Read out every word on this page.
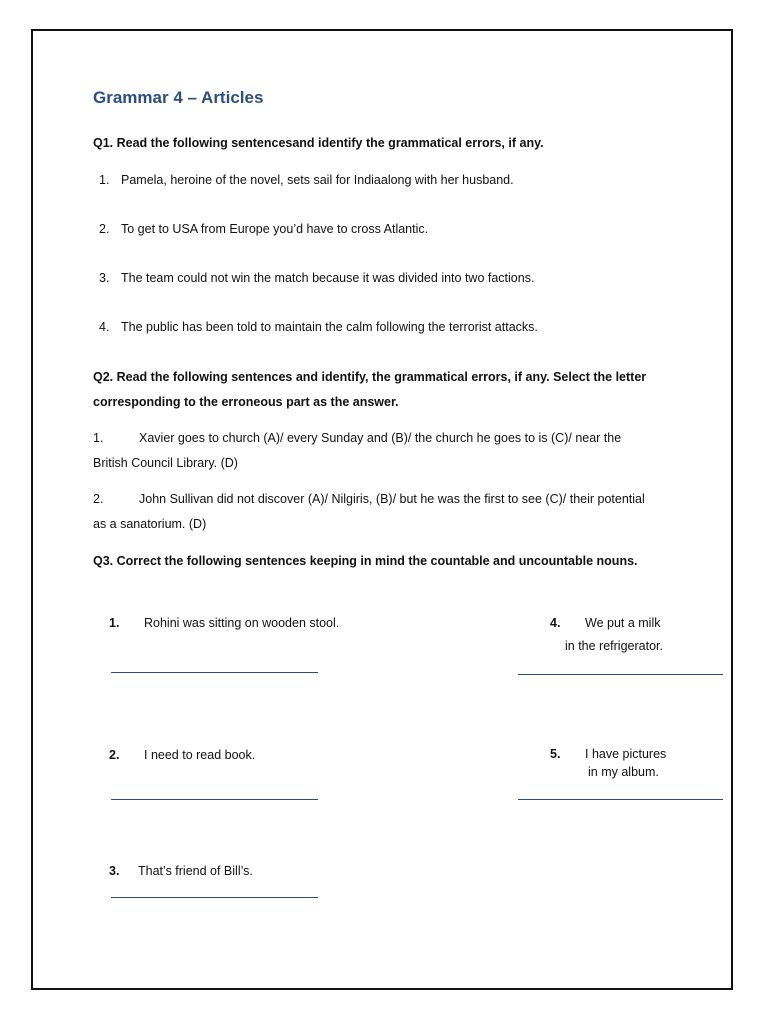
Grammar 4 – Articles
Q1. Read the following sentencesand identify the grammatical errors, if any.
1. Pamela, heroine of the novel, sets sail for Indiaalong with her husband.
2. To get to USA from Europe you’d have to cross Atlantic.
3. The team could not win the match because it was divided into two factions.
4. The public has been told to maintain the calm following the terrorist attacks.
Q2. Read the following sentences and identify, the grammatical errors, if any. Select the letter
corresponding to the erroneous part as the answer.
1.	Xavier goes to church (A)/ every Sunday and (B)/ the church he goes to is (C)/ near the
British Council Library. (D)
2.	John Sullivan did not discover (A)/ Nilgiris, (B)/ but he was the first to see (C)/ their potential
as a sanatorium. (D)
Q3. Correct the following sentences keeping in mind the countable and uncountable nouns.
1. Rohini was sitting on wooden stool.
2. I need to read book.
3. That’s friend of Bill’s.
4. We put a milk
in the refrigerator.
5. I have pictures
in my album.
